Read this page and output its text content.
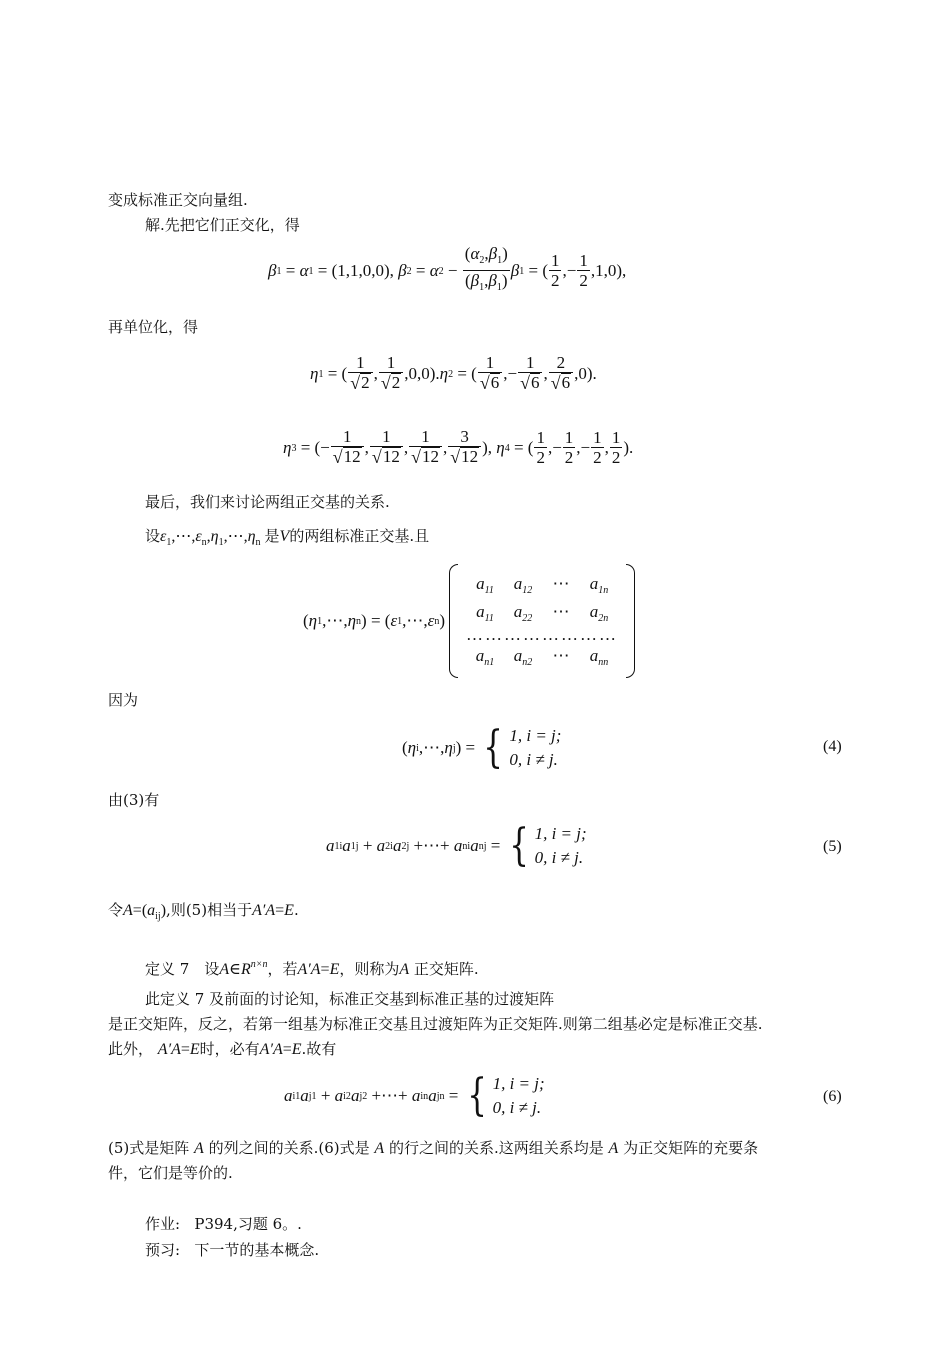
变成标准正交向量组.
解.先把它们正交化，得
β 1 = α 1 = (1,1,0,0), β 2 = α $2 - \frac{(\alpha_2,\beta_1)}{(\beta_1,\beta_1)}$ β 1 = ( $\frac{1}{2}$ ,− $\frac{1}{2} ,1,0$),
再单位化，得
η 1 = ( $\frac{1}{√ 2}$ , $\frac{1}{√ 2} ,0,0$). η 2 = ( $\frac{1}{√ 6}$ ,− $\frac{1}{√ 6}$ , $\frac{2}{√ 6} ,0$).
η 3 = (− $\frac{1}{√ 12}$ , $\frac{1}{√ 12}$ , $\frac{1}{√ 12}$ , $\frac{3}{√ 12}$ ), η 4 = ( $\frac{1}{2}$ ,− $\frac{1}{2}$ ,− $\frac{1}{2}$ , $\frac{1}{2}$ ).
最后，我们来讨论两组正交基的关系.
设$\varepsilon_1,\cdots,\varepsilon_n,\eta_1,\cdots,\eta_n$ 是V的两组标准正交基.且
( η 1 ,⋯, η n ) = ( ε 1 ,⋯, ε n )
$a_{11}$	$a_{12}$	⋯	$a_{1n}$
$a_{11}$	$a_{22}$	⋯	$a_{2n}$
……………………
$a_{n1}$	$a_{n2}$	⋯	$a_{nn}$
因为
( η i ,⋯, η j ) = { 1, i = j;
0, i ≠ j.
(4)
由(3)有
a 1i a 1j + a 2i a 2j +⋯+ a ni a nj = { 1, i = j;
0, i ≠ j.
(5)
令$A=(a_{ij})$,则(5)相当于A′A=E.
定义 7　设$A\in R^{n\times n}$，若A′A=E，则称为A 正交矩阵.
此定义 7 及前面的讨论知，标准正交基到标准正基的过渡矩阵
是正交矩阵，反之，若第一组基为标准正交基且过渡矩阵为正交矩阵.则第二组基必定是标准正交基.
此外， A′A=E时，必有A′A=E.故有
a i1 a j1 + a i2 a j2 +⋯+ a in a jn = { 1, i = j;
0, i ≠ j.
(6)
(5)式是矩阵 A 的列之间的关系.(6)式是 A 的行之间的关系.这两组关系均是 A 为正交矩阵的充要条
件，它们是等价的.
作业: P394,习题 6。.
预习: 下一节的基本概念.
